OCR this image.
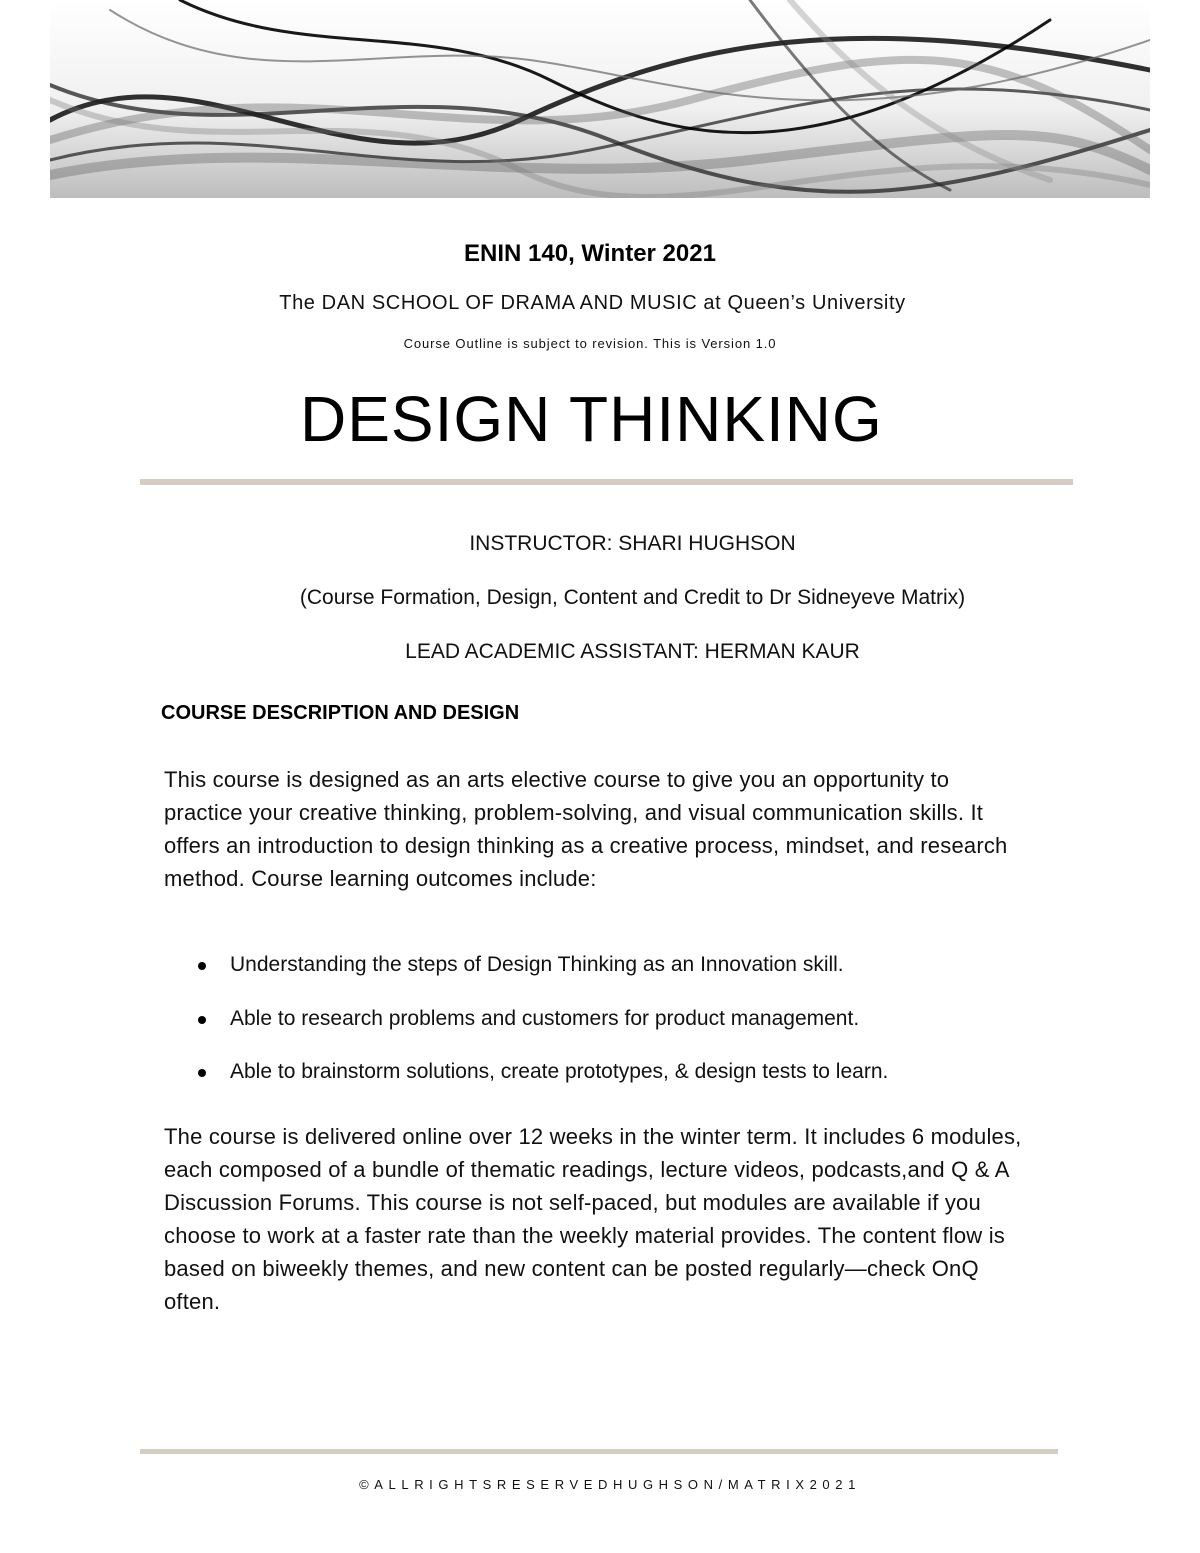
ENIN 140, Winter 2021
The DAN SCHOOL OF DRAMA AND MUSIC at Queen’s University
Course Outline is subject to revision. This is Version 1.0
DESIGN THINKING
INSTRUCTOR: SHARI HUGHSON
(Course Formation, Design, Content and Credit to Dr Sidneyeve Matrix)
LEAD ACADEMIC ASSISTANT: HERMAN KAUR
COURSE DESCRIPTION AND DESIGN

This course is designed as an arts elective course to give you an opportunity to practice your creative thinking, problem-solving, and visual communication skills. It offers an introduction to design thinking as a creative process, mindset, and research method. Course learning outcomes include:

Understanding the steps of Design Thinking as an Innovation skill.
Able to research problems and customers for product management.
Able to brainstorm solutions, create prototypes, & design tests to learn.

The course is delivered online over 12 weeks in the winter term. It includes 6 modules, each composed of a bundle of thematic readings, lecture videos, podcasts,and Q & A Discussion Forums. This course is not self-paced, but modules are available if you choose to work at a faster rate than the weekly material provides. The content flow is based on biweekly themes, and new content can be posted regularly—check OnQ often.

©ALLRIGHTSRESERVEDHUGHSON/MATRIX2021
